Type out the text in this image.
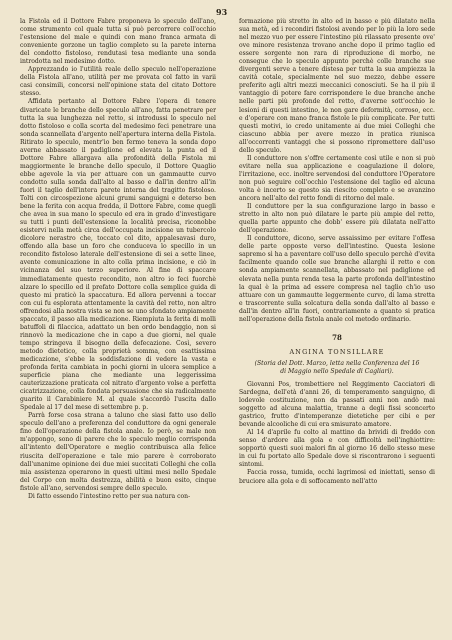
93

la Fistola ed il Dottore Fabre proponeva lo speculo dell'ano, come strumento col quale tutta si può percorrere coll'occhio l'estensione del male e quindi con mano franca armata di conveniente gorzone un taglio completo su la parete interna del condotto fistoloso, rendutasi tesa mediante una sonda introdotta nel medesimo dotto.

Apprezzando io l'utilità reale dello speculo nell'operazione della Fistola all'ano, utilità per me provata col fatto in varii casi consimili, concorsi nell'opinione stata del citato Dottore stesso.

Affidata pertanto al Dottore Fabre l'opera di tenere divaricate le branche dello speculo all'ano, fatta penetrare per tutta la sua lunghezza nel retto, si introdussi lo speculo nel dotto fistoloso e colla scorta del medesimo feci penetrare una sonda scannellata d'argento nell'apertura interna della Fistola. Ritirato lo speculo, mentr'io ben fermo teneva la sonda dopo averne abbassato il padiglione ed elevata la punta ed il Dottore Fabre allargava alla profondità della Fistola mi maggiormente le branche dello speculo, il Dottore Quaglio ebbe agevole la via per attuare con un gammautte curvo condotto sulla sonda dall'alto al basso e dall'in dentro all'in fuori il taglio dell'intera parete interna del tragitto fistoloso. Tolti con circospezione alcuni grumi sanguigni e deterso ben bene la ferita con acqua fredda, il Dottore Fabre, come quegli che avea in sua mano lo speculo ed era in grado d'investigare su tutti i punti dell'estensione la località precisa, riconobbe esistervi nella metà circa dell'occupata incisione un tubercolo dicolore nerastro che, toccato col dito, appalesavasi duro, offendo alla base un foro che conduceva lo specillo in un recondito fistoloso laterale dell'estensione di sei a sette linee, avente comunicazione in alto colla prima incisione, e ciò in vicinanza del suo terzo superiore. Al fine di spaccare immediatamente questo recondito, non altro io feci fuorchè alzare lo specillo ed il prefato Dottore colla semplice guida di questo mi praticò la spaccatura. Ed allora pervenni a toccar con cui fu esplorata attentamente la cavità del retto, non altro offrendosi alla nostra vista se non se uno sfondato ampiamente spaccato, il passo alla medicazione. Riempiuta la ferita di molli batuffoli di filaccica, adattato un ben ordo bendaggio, non si rinnovò la medicazione che in capo a due giorni, nel quale tempo stringeva il bisogno della defecazione. Così, severo metodo dietetico, colla proprietà somma, con esattissima medicazione, s'ebbe la soddisfazione di vedere la vasta e profonda ferita cambiata in pochi giorni in ulcera semplice a superficie piana che mediante una leggerissima cauterizzazione praticata col nitrato d'argento volse a perfetta cicatrizzazione, colla fondata persuasione che sia radicalmente guarito il Carabiniere M. al quale s'accordò l'uscita dallo Spedale al 17 del mese di settembre p. p.

Parrà forse cosa strana a taluno che siasi fatto uso dello speculo dell'ano a preferenza del conduttore da ogni generale fino dell'operazione della fistola anale. Io però, se male non m'appongo, sono di parere che lo speculo meglio corrisponda all'intento dell'Operatore e meglio contribuisca alla felice riuscita dell'operazione e tale mio parere è corroborato dall'unanime opinione dei due miei succitati Colleghi che colla mia assistenza operarono in questi ultimi mesi nello Spedale del Corpo con molta destrezza, abilità e buon esito, cinque fistole all'ano, servendosi sempre dello speculo.

Di fatto essendo l'intestino retto per sua natura con-

formazione più stretto in alto ed in basso e più dilatato nella sua metà, ed i recondiri fistolosi avendo per lo più la loro sede nel mezzo vuo per essere l'intestino più rilassato presente ove' ove minore resistenza trovano anche dopo il primo taglio ed essere sorgente non rara di riproduzione di morbo, ne consegue che lo speculo appunto perchè colle branche sue divergenti serve a tenere distesa per tutta la sua ampiezza la cavità cotale, specialmente nel suo mezzo, debbe essere preferito agli altri mezzi meccanici conosciuti. Se ha il più il vantaggio di potere fare corrispondere le due branche anche nelle parti più profonde del retto, d'averne sott'occhio le lesioni di questi intestino, le non gare deformità, corroso, ecc. e d'operare con mano franca fistole le più complicate. Per tutti questi motivi, io credo unitamente ai due miei Colleghi che ciascuno abbia per avere mezzo in pratica riunisca all'occorrenti vantaggi che si possono ripromettere dall'uso dello speculo.

Il conduttore non s'offre certamente così utile e non si può evitare nella sua applicazione e coagulazione il dolore, l'irritazione, ecc. inoltre servendosi del conduttore l'Operatore non può seguire coll'occhio l'estensione del taglio ed alcuna volta è incerto se questo sia riescito completo e se avanzino ancora nell'alto del retto fondi di ritorno del male.

Il conduttore per la sua configurazione largo in basso e stretto in alto non può dilatare le parte più ampie del retto, quella parte appunto che dobb' essere più dilatata nell'atto dell'operazione.

Il conduttore, dicono, serve assaissimo per evitare l'offesa delle parte opposte verso dell'intestino. Questa lesione sapremo sì ha a paventare coll'uso dello speculo perchè d'evita facilmente quando colle sue branche allarghi il retto e con sonda ampiamente scannellata, abbassato nel padiglione ed elevata nella punta renda tesa la parte profonda dell'intestino la qual è la prima ad essere compresa nel taglio ch'io uso attuare con un gammautte leggermente curvo, di lama stretta e trascorrente sulla solcatura della sonda dall'alto al basso e dall'in dentro all'in fuori, contrariamente a quanto si pratica nell'operazione della fistola anale col metodo ordinario.

78
ANGINA TONSILLARE
(Storia del Dott. Marzo, letta nella Conferenza del 16
di Maggio nello Spedale di Cagliari).

Giovanni Pos, trombettiere nel Reggimento Cacciatori di Sardegna, dell'età d'anni 26, di temperamento sanguigno, di lodevole costituzione, non da passati anni non andò mai soggetto ad alcuna malattia, tranne a degli fissi sconcerto gastrico, frutto d'intemperanze dietetiche per cibi e per bevande alcooliche di cui era smisurato amatore.

Al 14 d'aprile fu colto al mattino da brividi di freddo con senso d'ardore alla gola e con difficoltà nell'inghiottire: sopportò questi suoi malori fin al giorno 16 dello stesso mese in cui fu portato allo Spedale dove si riscontrarono i seguenti sintomi.

Faccia rossa, tumida, occhi lagrimosi ed iniettati, senso di bruciore alla gola e di soffocamento nell'atto
